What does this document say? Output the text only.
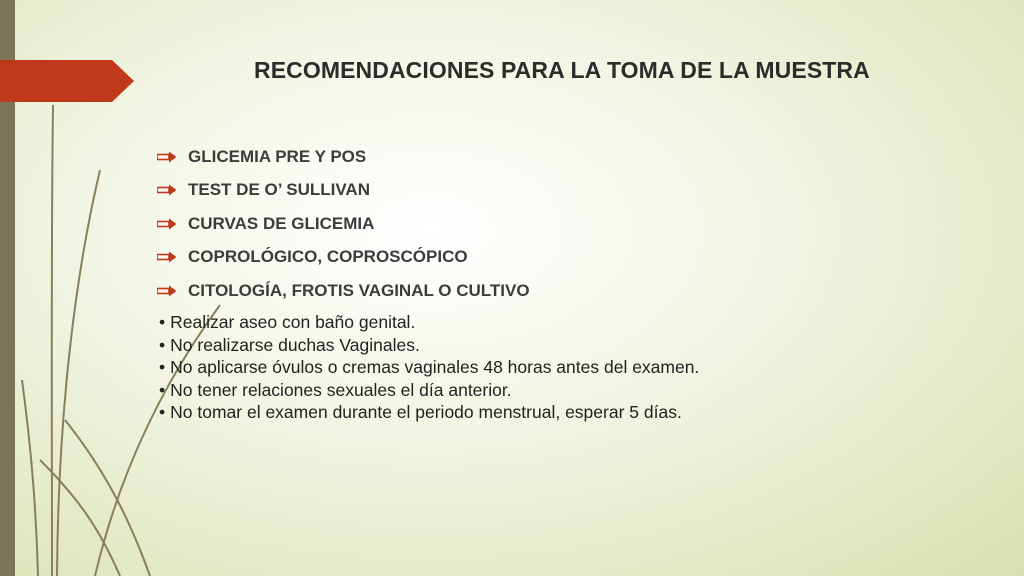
RECOMENDACIONES PARA LA TOMA DE LA MUESTRA
GLICEMIA PRE Y POS
TEST DE O’ SULLIVAN
CURVAS DE GLICEMIA
COPROLÓGICO, COPROSCÓPICO
CITOLOGÍA, FROTIS VAGINAL O CULTIVO
• Realizar aseo con baño genital.
• No realizarse duchas Vaginales.
• No aplicarse óvulos o cremas vaginales 48 horas antes del examen.
• No tener relaciones sexuales el día anterior.
• No tomar el examen durante el periodo menstrual, esperar 5 días.
